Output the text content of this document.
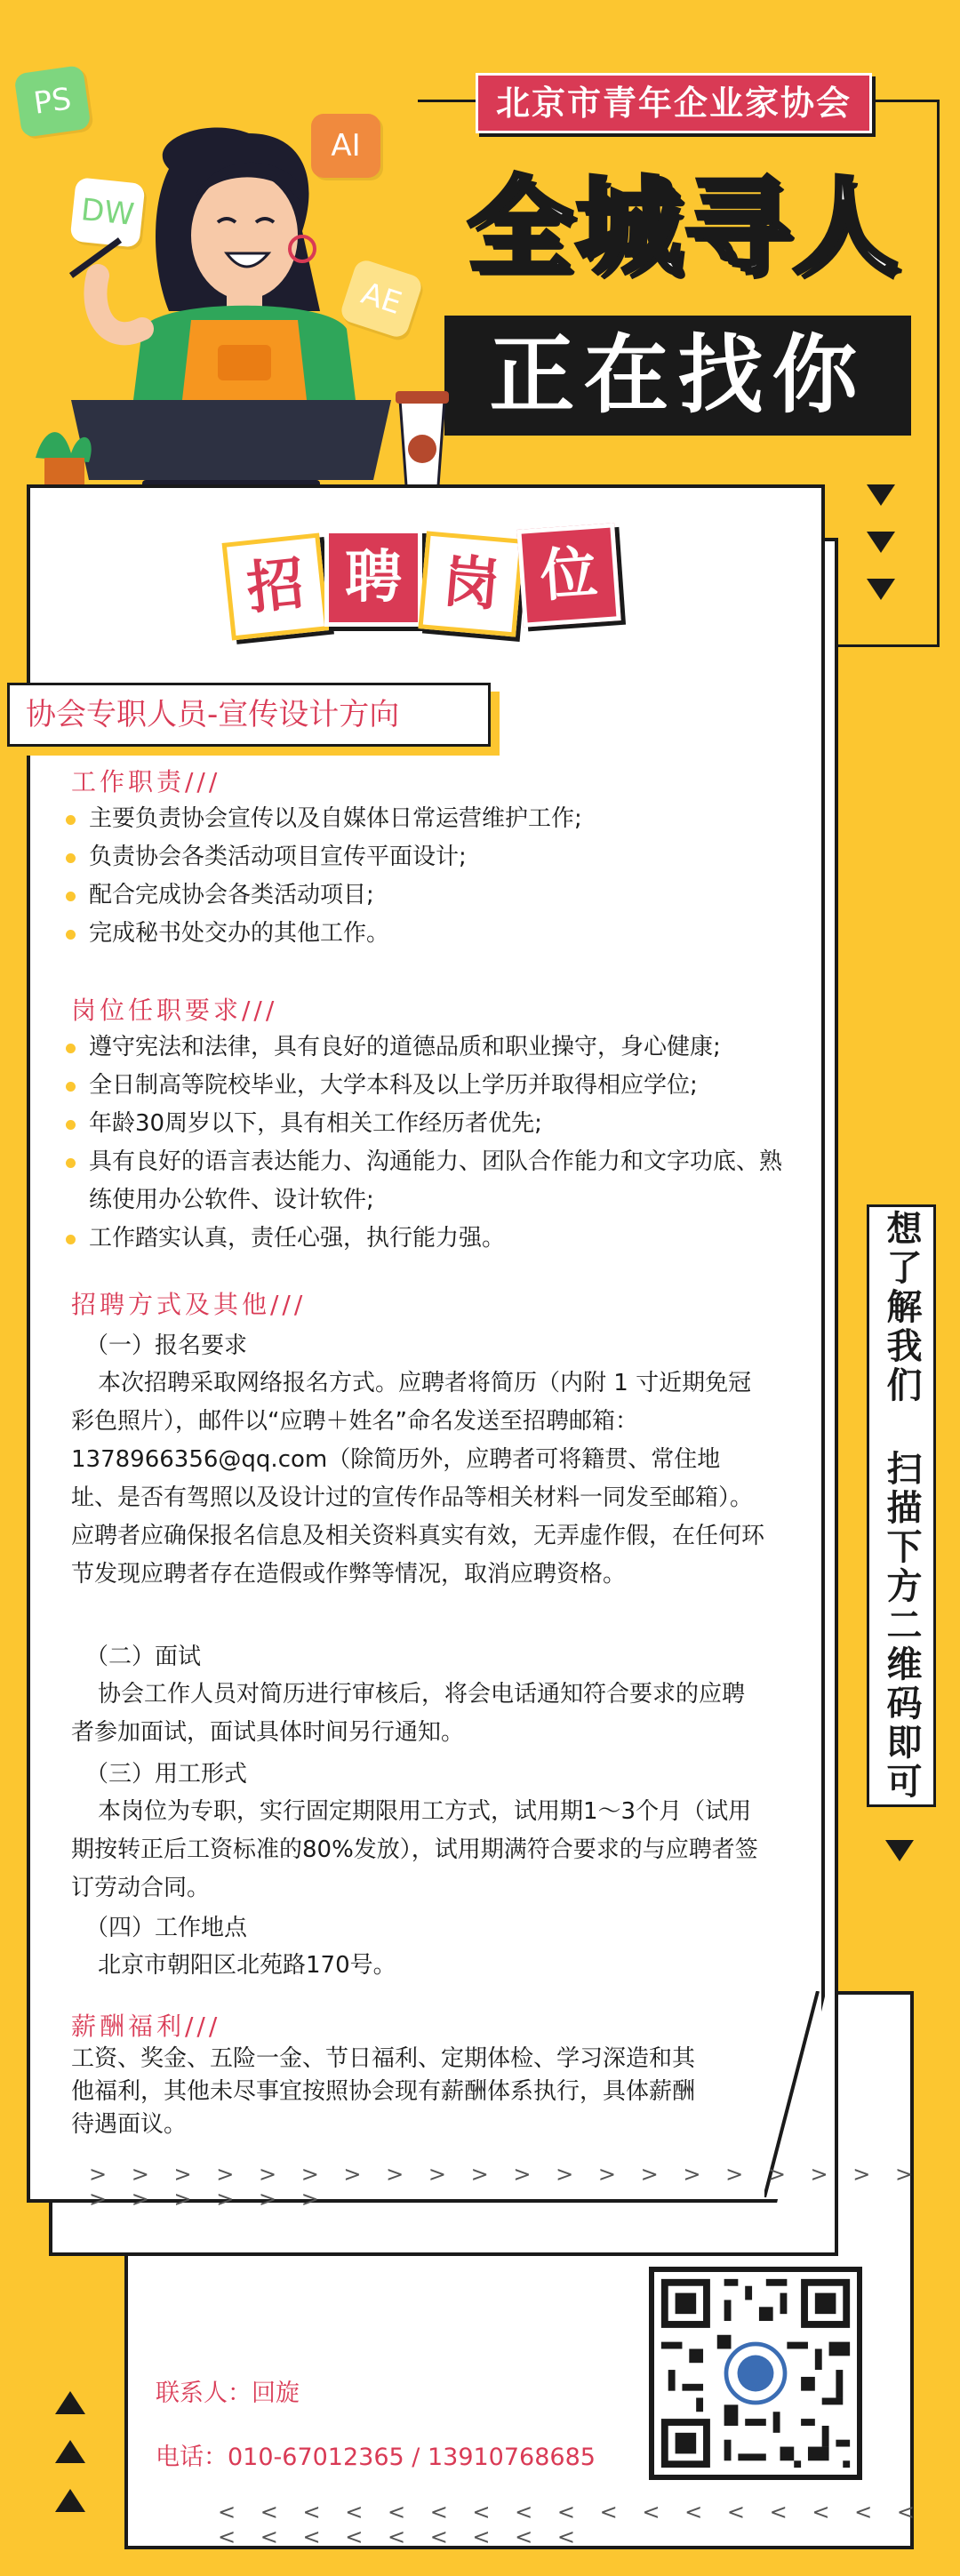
北京市青年企业家协会
全城寻人
正在找你
PS
AI
DW
AE
招 聘 岗 位
协会专职人员-宣传设计方向
工作职责///
主要负责协会宣传以及自媒体日常运营维护工作;
负责协会各类活动项目宣传平面设计;
配合完成协会各类活动项目;
完成秘书处交办的其他工作。
岗位任职要求///
遵守宪法和法律，具有良好的道德品质和职业操守，身心健康;
全日制高等院校毕业，大学本科及以上学历并取得相应学位;
年龄30周岁以下，具有相关工作经历者优先;
具有良好的语言表达能力、沟通能力、团队合作能力和文字功底、熟练使用办公软件、设计软件;
工作踏实认真，责任心强，执行能力强。
招聘方式及其他///
（一）报名要求
本次招聘采取网络报名方式。应聘者将简历（内附 1 寸近期免冠彩色照片），邮件以“应聘＋姓名”命名发送至招聘邮箱：1378966356@qq.com（除简历外，应聘者可将籍贯、常住地址、是否有驾照以及设计过的宣传作品等相关材料一同发至邮箱）。应聘者应确保报名信息及相关资料真实有效，无弄虚作假，在任何环节发现应聘者存在造假或作弊等情况，取消应聘资格。
（二）面试
协会工作人员对简历进行审核后，将会电话通知符合要求的应聘者参加面试，面试具体时间另行通知。
（三）用工形式
本岗位为专职，实行固定期限用工方式，试用期1～3个月（试用期按转正后工资标准的80%发放），试用期满符合要求的与应聘者签订劳动合同。
（四）工作地点
北京市朝阳区北苑路170号。
薪酬福利///
工资、奖金、五险一金、节日福利、定期体检、学习深造和其他福利，其他未尽事宜按照协会现有薪酬体系执行，具体薪酬待遇面议。
> > > > > > > > > > > > > > > > > > > > > > > > > >
想了解我们 扫描下方二维码即可
联系人：回旋
电话：010-67012365 / 13910768685
< < < < < < < < < < < < < < < < < < < < < < < < < <
